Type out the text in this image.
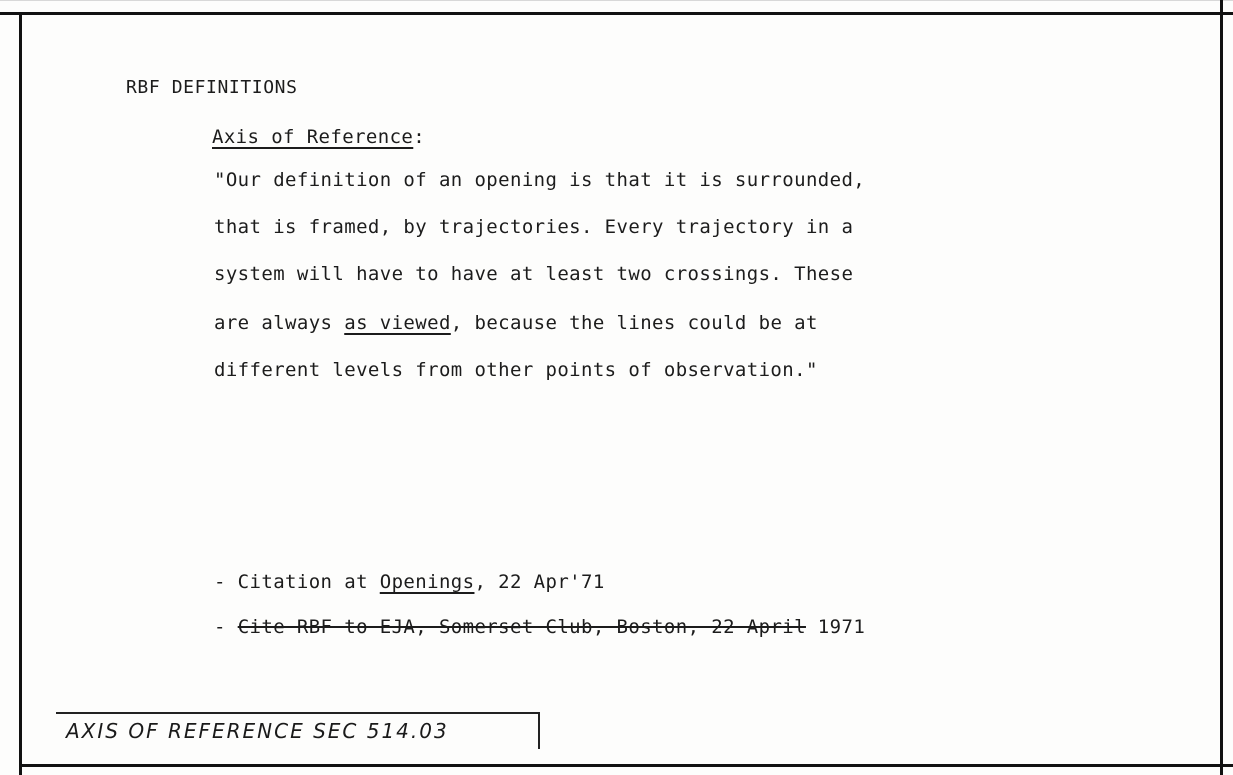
RBF DEFINITIONS
Axis of Reference:
"Our definition of an opening is that it is surrounded,
that is framed, by trajectories. Every trajectory in a
system will have to have at least two crossings. These
are always as viewed, because the lines could be at
different levels from other points of observation."
- Citation at Openings, 22 Apr'71
- Cite RBF to EJA, Somerset Club, Boston, 22 April 1971
AXIS OF REFERENCE SEC 514.03
